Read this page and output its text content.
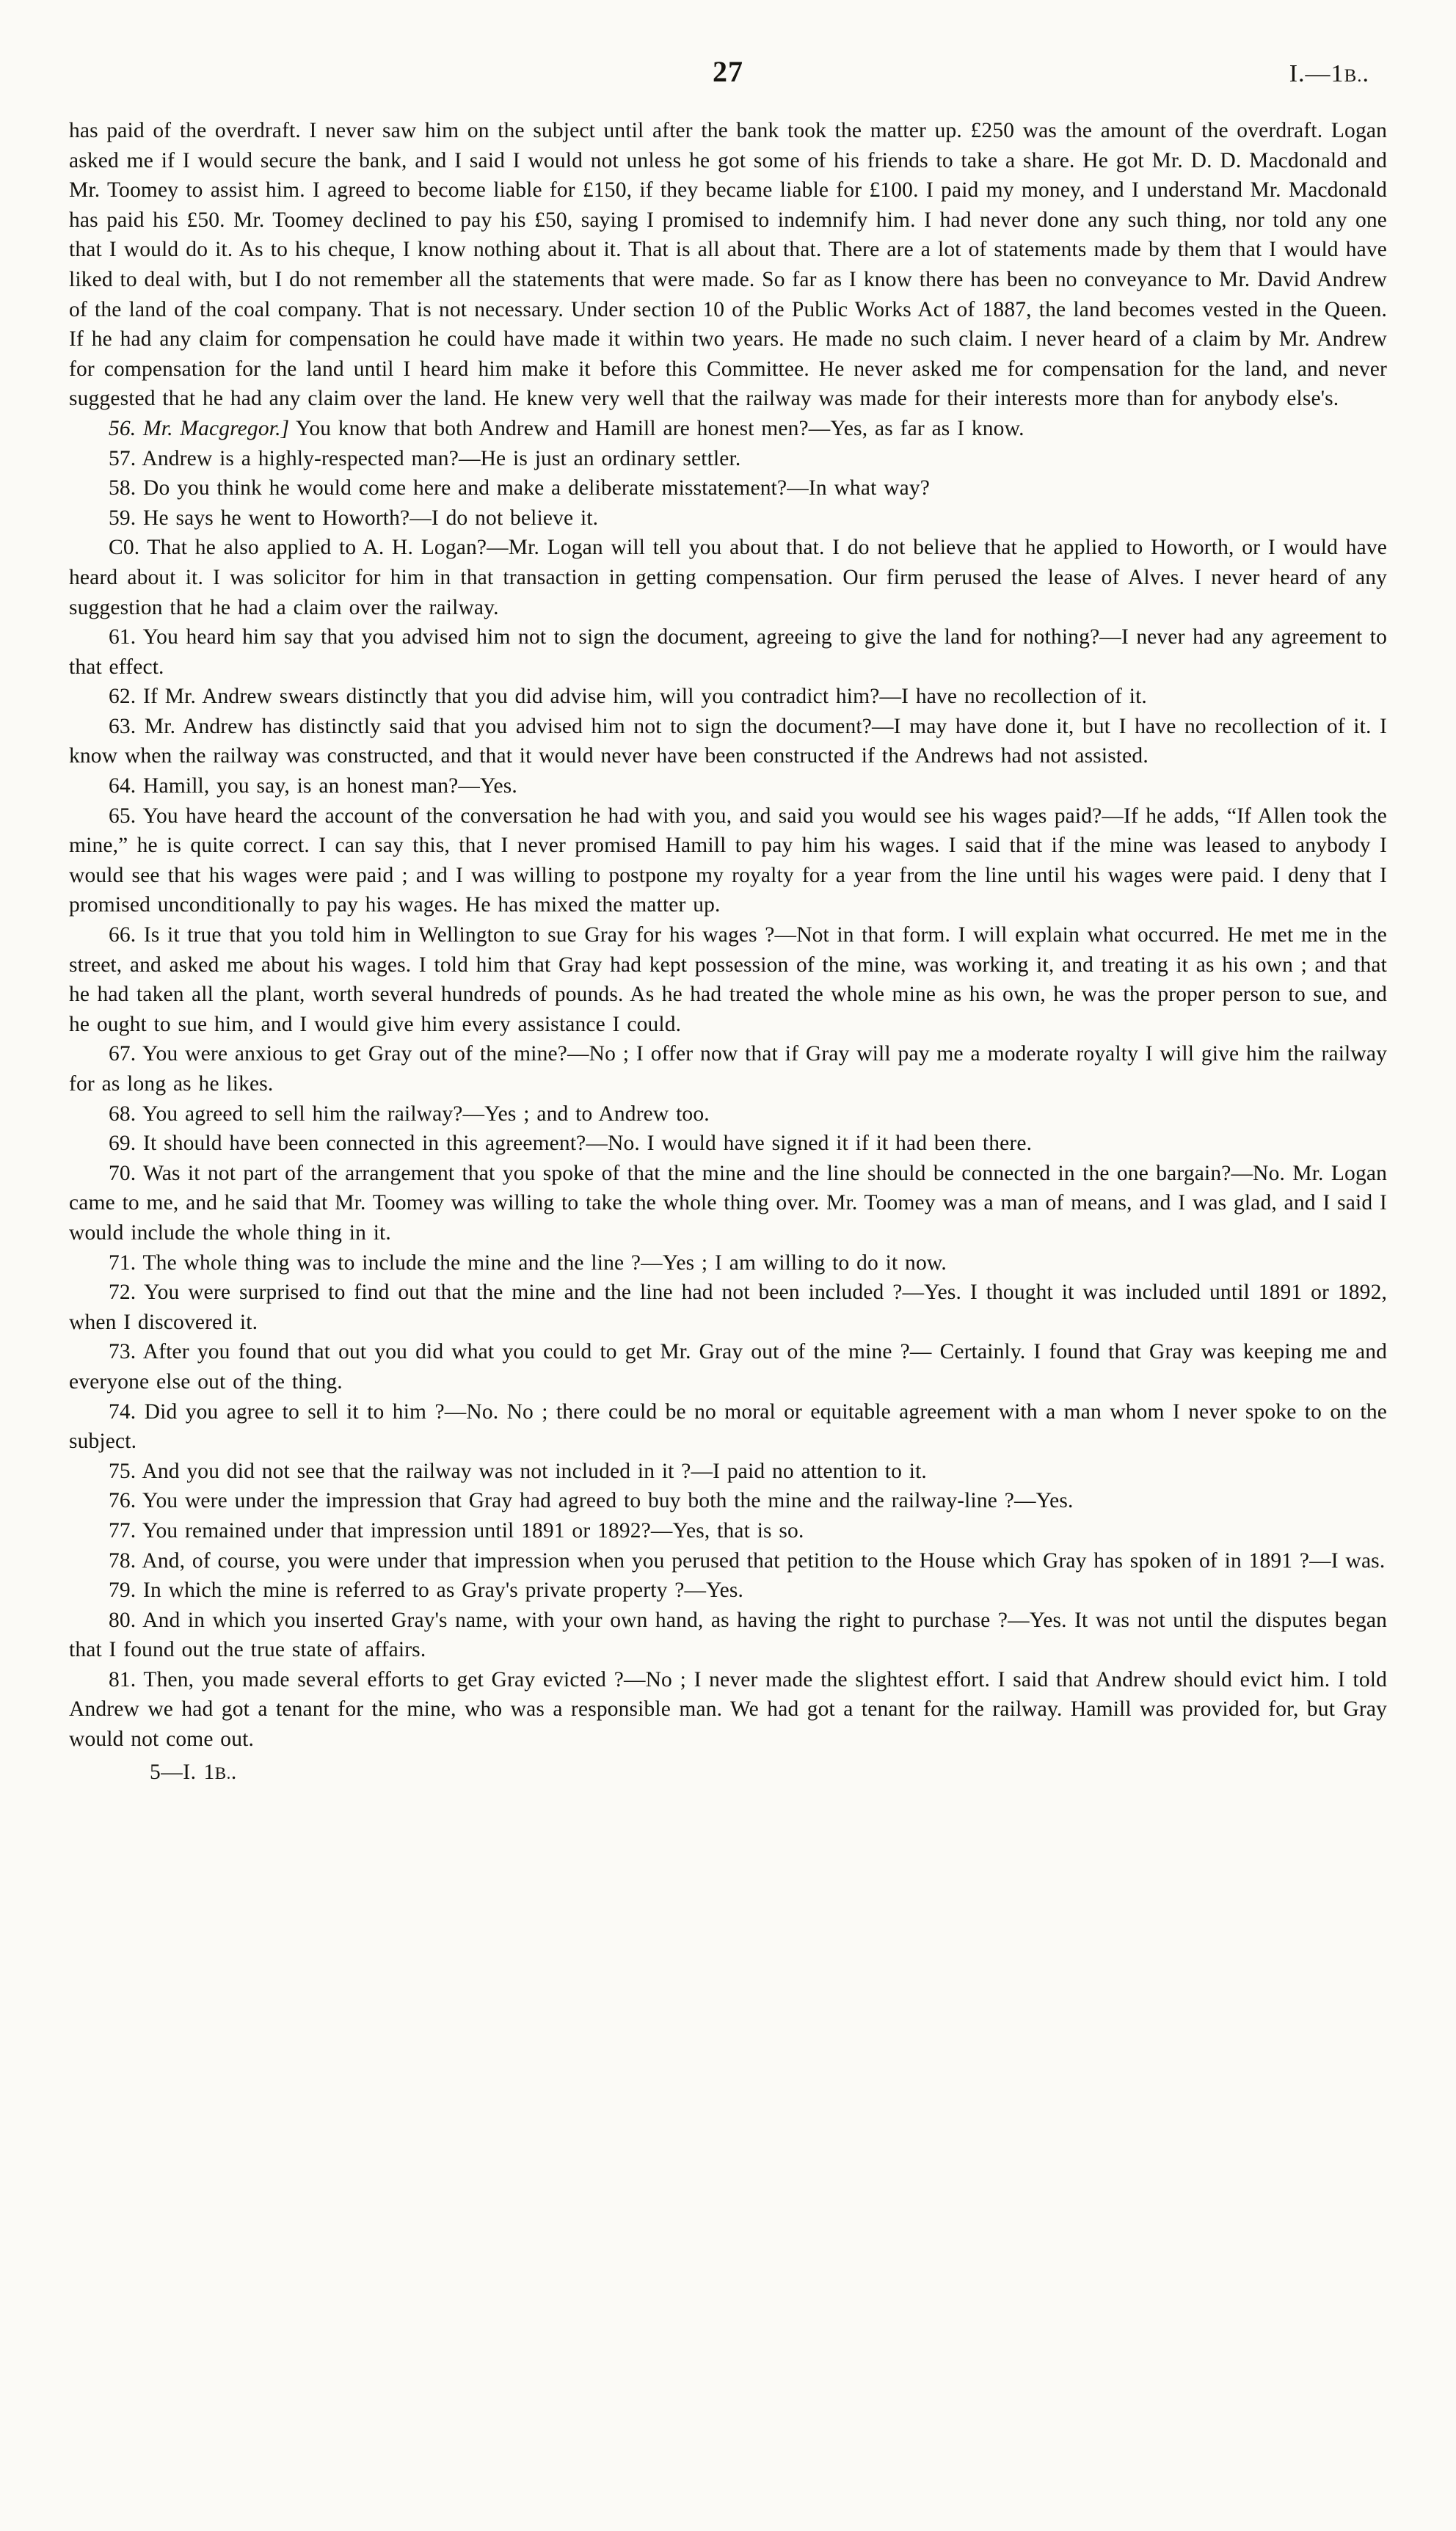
27	I.—1B..

has paid of the overdraft. I never saw him on the subject until after the bank took the matter up. £250 was the amount of the overdraft. Logan asked me if I would secure the bank, and I said I would not unless he got some of his friends to take a share. He got Mr. D. D. Macdonald and Mr. Toomey to assist him. I agreed to become liable for £150, if they became liable for £100. I paid my money, and I understand Mr. Macdonald has paid his £50. Mr. Toomey declined to pay his £50, saying I promised to indemnify him. I had never done any such thing, nor told any one that I would do it. As to his cheque, I know nothing about it. That is all about that. There are a lot of statements made by them that I would have liked to deal with, but I do not remember all the statements that were made. So far as I know there has been no conveyance to Mr. David Andrew of the land of the coal company. That is not necessary. Under section 10 of the Public Works Act of 1887, the land becomes vested in the Queen. If he had any claim for compensation he could have made it within two years. He made no such claim. I never heard of a claim by Mr. Andrew for compensation for the land until I heard him make it before this Committee. He never asked me for compensation for the land, and never suggested that he had any claim over the land. He knew very well that the railway was made for their interests more than for anybody else's.

56. Mr. Macgregor.] You know that both Andrew and Hamill are honest men?—Yes, as far as I know.

57. Andrew is a highly-respected man?—He is just an ordinary settler.

58. Do you think he would come here and make a deliberate misstatement?—In what way?

59. He says he went to Howorth?—I do not believe it.

C0. That he also applied to A. H. Logan?—Mr. Logan will tell you about that. I do not believe that he applied to Howorth, or I would have heard about it. I was solicitor for him in that transaction in getting compensation. Our firm perused the lease of Alves. I never heard of any suggestion that he had a claim over the railway.

61. You heard him say that you advised him not to sign the document, agreeing to give the land for nothing?—I never had any agreement to that effect.

62. If Mr. Andrew swears distinctly that you did advise him, will you contradict him?—I have no recollection of it.

63. Mr. Andrew has distinctly said that you advised him not to sign the document?—I may have done it, but I have no recollection of it. I know when the railway was constructed, and that it would never have been constructed if the Andrews had not assisted.

64. Hamill, you say, is an honest man?—Yes.

65. You have heard the account of the conversation he had with you, and said you would see his wages paid?—If he adds, “If Allen took the mine,” he is quite correct. I can say this, that I never promised Hamill to pay him his wages. I said that if the mine was leased to anybody I would see that his wages were paid ; and I was willing to postpone my royalty for a year from the line until his wages were paid. I deny that I promised unconditionally to pay his wages. He has mixed the matter up.

66. Is it true that you told him in Wellington to sue Gray for his wages ?—Not in that form. I will explain what occurred. He met me in the street, and asked me about his wages. I told him that Gray had kept possession of the mine, was working it, and treating it as his own ; and that he had taken all the plant, worth several hundreds of pounds. As he had treated the whole mine as his own, he was the proper person to sue, and he ought to sue him, and I would give him every assistance I could.

67. You were anxious to get Gray out of the mine?—No ; I offer now that if Gray will pay me a moderate royalty I will give him the railway for as long as he likes.

68. You agreed to sell him the railway?—Yes ; and to Andrew too.

69. It should have been connected in this agreement?—No. I would have signed it if it had been there.

70. Was it not part of the arrangement that you spoke of that the mine and the line should be connected in the one bargain?—No. Mr. Logan came to me, and he said that Mr. Toomey was willing to take the whole thing over. Mr. Toomey was a man of means, and I was glad, and I said I would include the whole thing in it.

71. The whole thing was to include the mine and the line ?—Yes ; I am willing to do it now.

72. You were surprised to find out that the mine and the line had not been included ?—Yes. I thought it was included until 1891 or 1892, when I discovered it.

73. After you found that out you did what you could to get Mr. Gray out of the mine ?— Certainly. I found that Gray was keeping me and everyone else out of the thing.

74. Did you agree to sell it to him ?—No. No ; there could be no moral or equitable agreement with a man whom I never spoke to on the subject.

75. And you did not see that the railway was not included in it ?—I paid no attention to it.

76. You were under the impression that Gray had agreed to buy both the mine and the railway-line ?—Yes.

77. You remained under that impression until 1891 or 1892?—Yes, that is so.

78. And, of course, you were under that impression when you perused that petition to the House which Gray has spoken of in 1891 ?—I was.

79. In which the mine is referred to as Gray's private property ?—Yes.

80. And in which you inserted Gray's name, with your own hand, as having the right to purchase ?—Yes. It was not until the disputes began that I found out the true state of affairs.

81. Then, you made several efforts to get Gray evicted ?—No ; I never made the slightest effort. I said that Andrew should evict him. I told Andrew we had got a tenant for the mine, who was a responsible man. We had got a tenant for the railway. Hamill was provided for, but Gray would not come out.

5—I. 1B..
